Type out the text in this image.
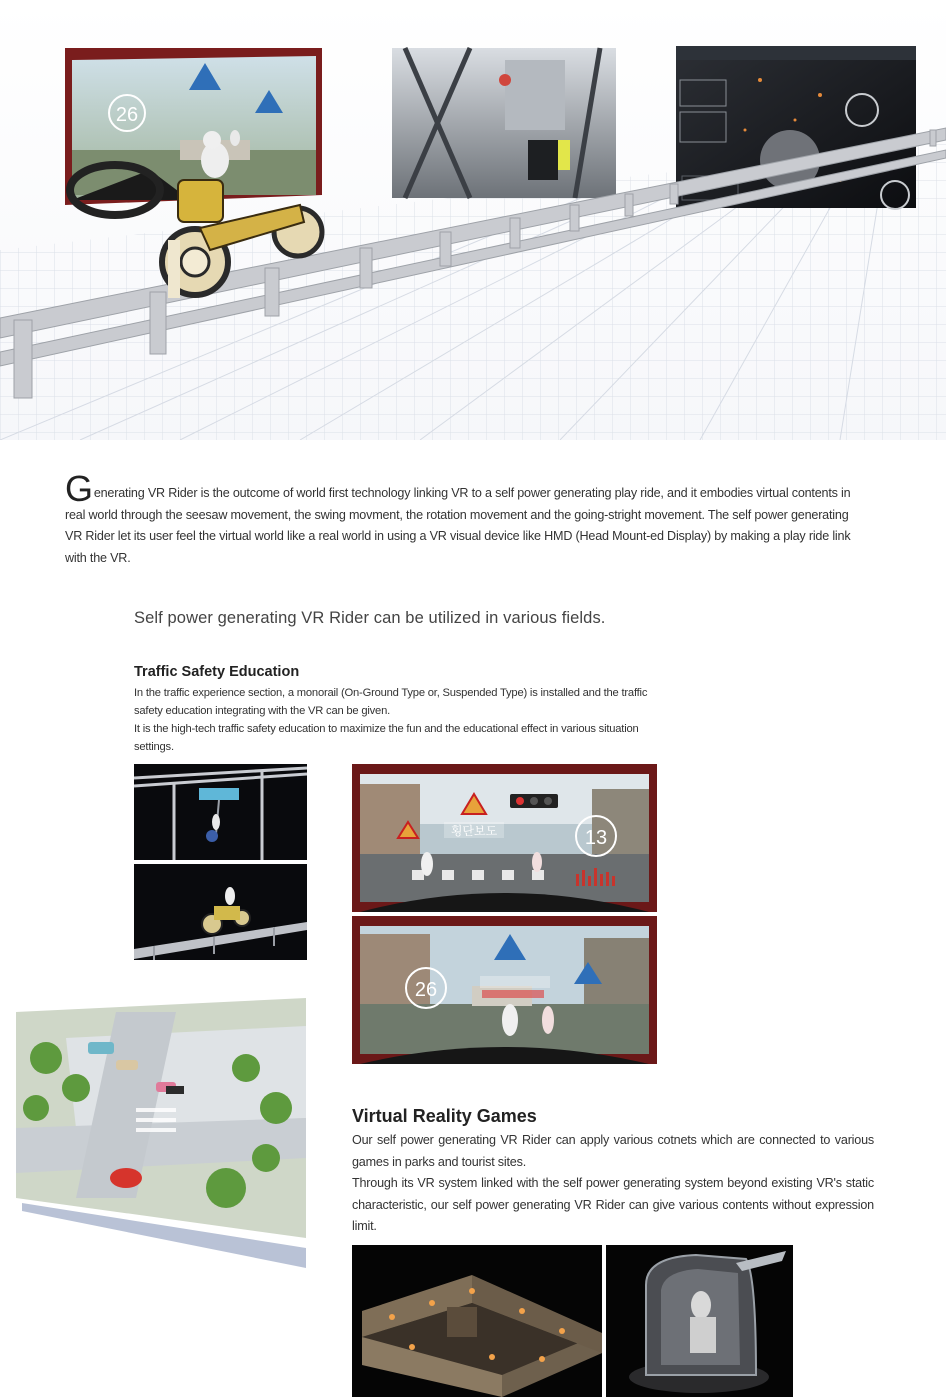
26
Generating VR Rider is the outcome of world first technology linking VR to a self power generating play ride, and it embodies virtual contents in real world through the seesaw movement, the swing movment, the rotation movement and the going-stright movement. The self power generating VR Rider let its user feel the virtual world like a real world in using a VR visual device like HMD (Head Mount-ed Display) by making a play ride link with the VR.
Self power generating VR Rider can be utilized in various fields.
Traffic Safety Education
In the traffic experience section, a monorail (On-Ground Type or, Suspended Type) is installed and the traffic safety education integrating with the VR can be given.
It is the high-tech traffic safety education to maximize the fun and the educational effect in various situation settings.
횡단보도	13
26
Virtual Reality Games
Our self power generating VR Rider can apply various cotnets which are connected to various games in parks and tourist sites.
Through its VR system linked with the self power generating system beyond existing VR's static characteristic, our self power generating VR Rider can give various contents without expression limit.
